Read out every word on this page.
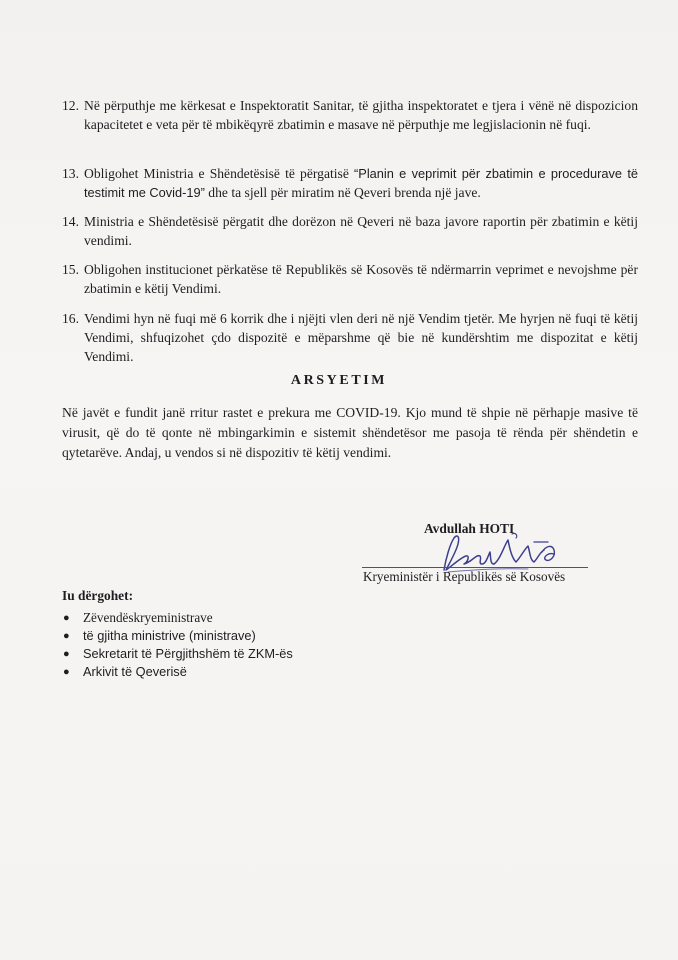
12. Në përputhje me kërkesat e Inspektoratit Sanitar, të gjitha inspektoratet e tjera i vënë në dispozicion kapacitetet e veta për të mbikëqyrë zbatimin e masave në përputhje me legjislacionin në fuqi.
13. Obligohet Ministria e Shëndetësisë të përgatisë “Planin e veprimit për zbatimin e procedurave të testimit me Covid-19” dhe ta sjell për miratim në Qeveri brenda një jave.
14. Ministria e Shëndetësisë përgatit dhe dorëzon në Qeveri në baza javore raportin për zbatimin e këtij vendimi.
15. Obligohen institucionet përkatëse të Republikës së Kosovës të ndërmarrin veprimet e nevojshme për zbatimin e këtij Vendimi.
16. Vendimi hyn në fuqi më 6 korrik dhe i njëjti vlen deri në një Vendim tjetër. Me hyrjen në fuqi të këtij Vendimi, shfuqizohet çdo dispozitë e mëparshme që bie në kundërshtim me dispozitat e këtij Vendimi.
ARSYETIM
Në javët e fundit janë rritur rastet e prekura me COVID-19. Kjo mund të shpie në përhapje masive të virusit, që do të qonte në mbingarkimin e sistemit shëndetësor me pasoja të rënda për shëndetin e qytetarëve. Andaj, u vendos si në dispozitiv të këtij vendimi.
Avdullah HOTI
Kryeministër i Republikës së Kosovës
Iu dërgohet:
● Zëvendëskryeministrave
● të gjitha ministrive (ministrave)
● Sekretarit të Përgjithshëm të ZKM-ës
● Arkivit të Qeverisë
